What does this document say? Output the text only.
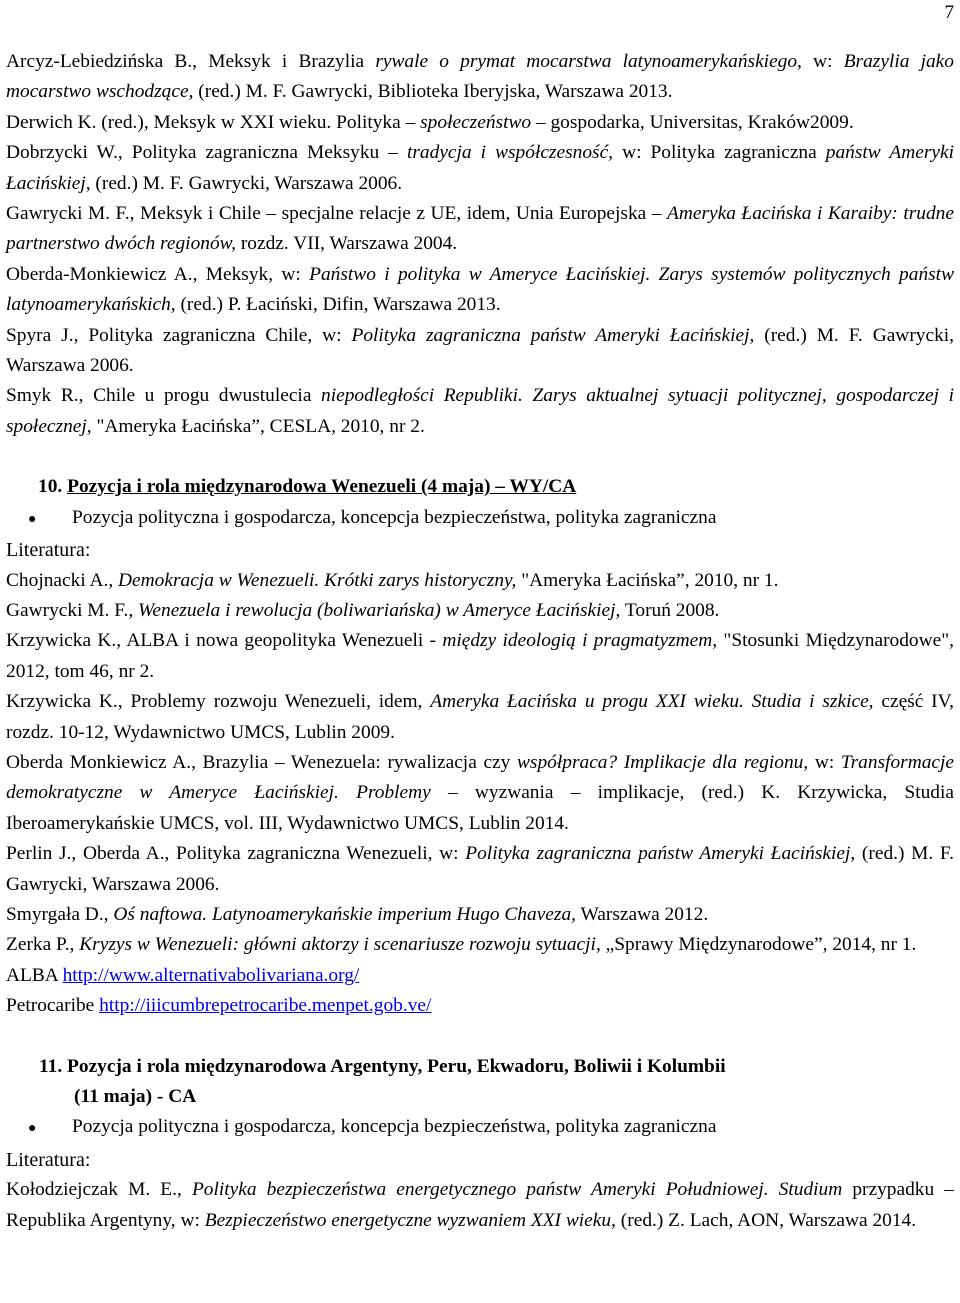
7

Arcyz-Lebiedzińska B., Meksyk i Brazylia rywale o prymat mocarstwa latynoamerykańskiego, w: Brazylia jako mocarstwo wschodzące, (red.) M. F. Gawrycki, Biblioteka Iberyjska, Warszawa 2013.

Derwich K. (red.), Meksyk w XXI wieku. Polityka – społeczeństwo – gospodarka, Universitas, Kraków2009.

Dobrzycki W., Polityka zagraniczna Meksyku – tradycja i współczesność, w: Polityka zagraniczna państw Ameryki Łacińskiej, (red.) M. F. Gawrycki, Warszawa 2006.

Gawrycki M. F., Meksyk i Chile – specjalne relacje z UE, idem, Unia Europejska – Ameryka Łacińska i Karaiby: trudne partnerstwo dwóch regionów, rozdz. VII, Warszawa 2004.

Oberda-Monkiewicz A., Meksyk, w: Państwo i polityka w Ameryce Łacińskiej. Zarys systemów politycznych państw latynoamerykańskich, (red.) P. Łaciński, Difin, Warszawa 2013.

Spyra J., Polityka zagraniczna Chile, w: Polityka zagraniczna państw Ameryki Łacińskiej, (red.) M. F. Gawrycki, Warszawa 2006.

Smyk R., Chile u progu dwustulecia niepodległości Republiki. Zarys aktualnej sytuacji politycznej, gospodarczej i społecznej, "Ameryka Łacińska”, CESLA, 2010, nr 2.

10. Pozycja i rola międzynarodowa Wenezueli (4 maja) – WY/CA

●	Pozycja polityczna i gospodarcza, koncepcja bezpieczeństwa, polityka zagraniczna

Literatura:

Chojnacki A., Demokracja w Wenezueli. Krótki zarys historyczny, "Ameryka Łacińska”, 2010, nr 1.

Gawrycki M. F., Wenezuela i rewolucja (boliwariańska) w Ameryce Łacińskiej, Toruń 2008.

Krzywicka K., ALBA i nowa geopolityka Wenezueli - między ideologią i pragmatyzmem, "Stosunki Międzynarodowe", 2012, tom 46, nr 2.

Krzywicka K., Problemy rozwoju Wenezueli, idem, Ameryka Łacińska u progu XXI wieku. Studia i szkice, część IV, rozdz. 10-12, Wydawnictwo UMCS, Lublin 2009.

Oberda Monkiewicz A., Brazylia – Wenezuela: rywalizacja czy współpraca? Implikacje dla regionu, w: Transformacje demokratyczne w Ameryce Łacińskiej. Problemy – wyzwania – implikacje, (red.) K. Krzywicka, Studia Iberoamerykańskie UMCS, vol. III, Wydawnictwo UMCS, Lublin 2014.

Perlin J., Oberda A., Polityka zagraniczna Wenezueli, w: Polityka zagraniczna państw Ameryki Łacińskiej, (red.) M. F. Gawrycki, Warszawa 2006.

Smyrgała D., Oś naftowa. Latynoamerykańskie imperium Hugo Chaveza, Warszawa 2012.

Zerka P., Kryzys w Wenezueli: główni aktorzy i scenariusze rozwoju sytuacji, „Sprawy Międzynarodowe”, 2014, nr 1.

ALBA http://www.alternativabolivariana.org/

Petrocaribe http://iiicumbrepetrocaribe.menpet.gob.ve/

11. Pozycja i rola międzynarodowa Argentyny, Peru, Ekwadoru, Boliwii i Kolumbii
(11 maja) - CA

●	Pozycja polityczna i gospodarcza, koncepcja bezpieczeństwa, polityka zagraniczna

Literatura:

Kołodziejczak M. E., Polityka bezpieczeństwa energetycznego państw Ameryki Południowej. Studium przypadku – Republika Argentyny, w: Bezpieczeństwo energetyczne wyzwaniem XXI wieku, (red.) Z. Lach, AON, Warszawa 2014.
